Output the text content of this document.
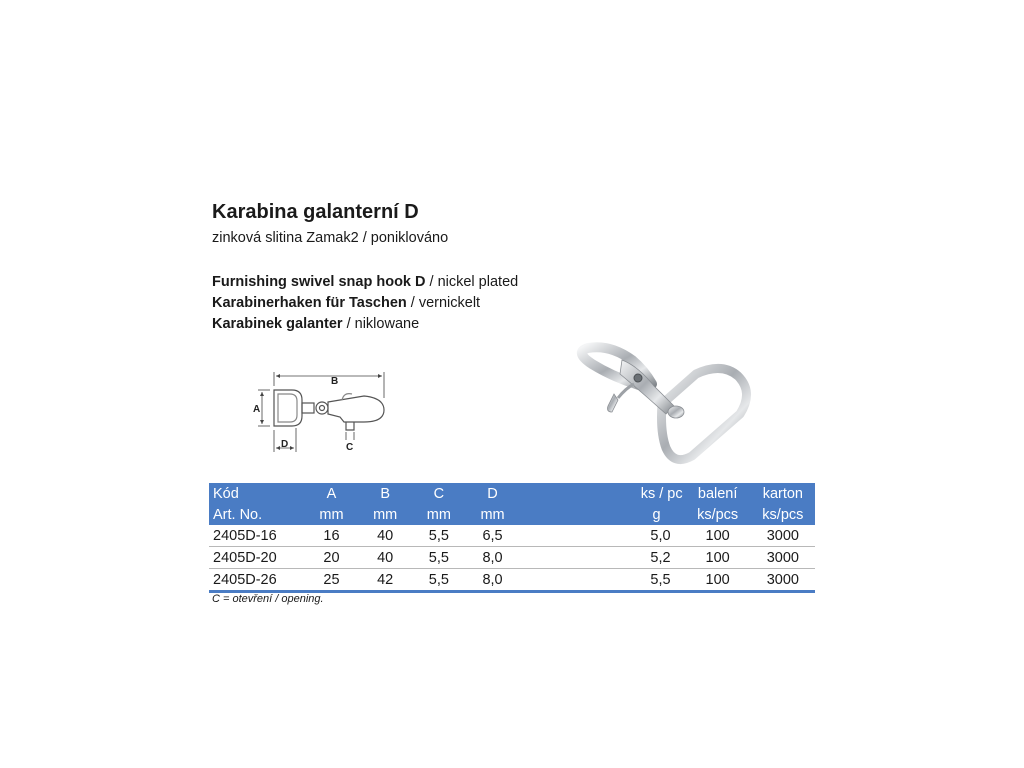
Karabina galanterní D
zinková slitina Zamak2 / poniklováno
Furnishing swivel snap hook D / nickel plated
Karabinerhaken für Taschen / vernickelt
Karabinek galanter / niklowane
B
A
D	C
Kód	A	B	C	D	ks / pc	balení	karton
Art. No.	mm	mm	mm	mm	g	ks/pcs	ks/pcs
2405D-16	16	40	5,5	6,5	5,0	100	3000
2405D-20	20	40	5,5	8,0	5,2	100	3000
2405D-26	25	42	5,5	8,0	5,5	100	3000
C = otevření / opening.
